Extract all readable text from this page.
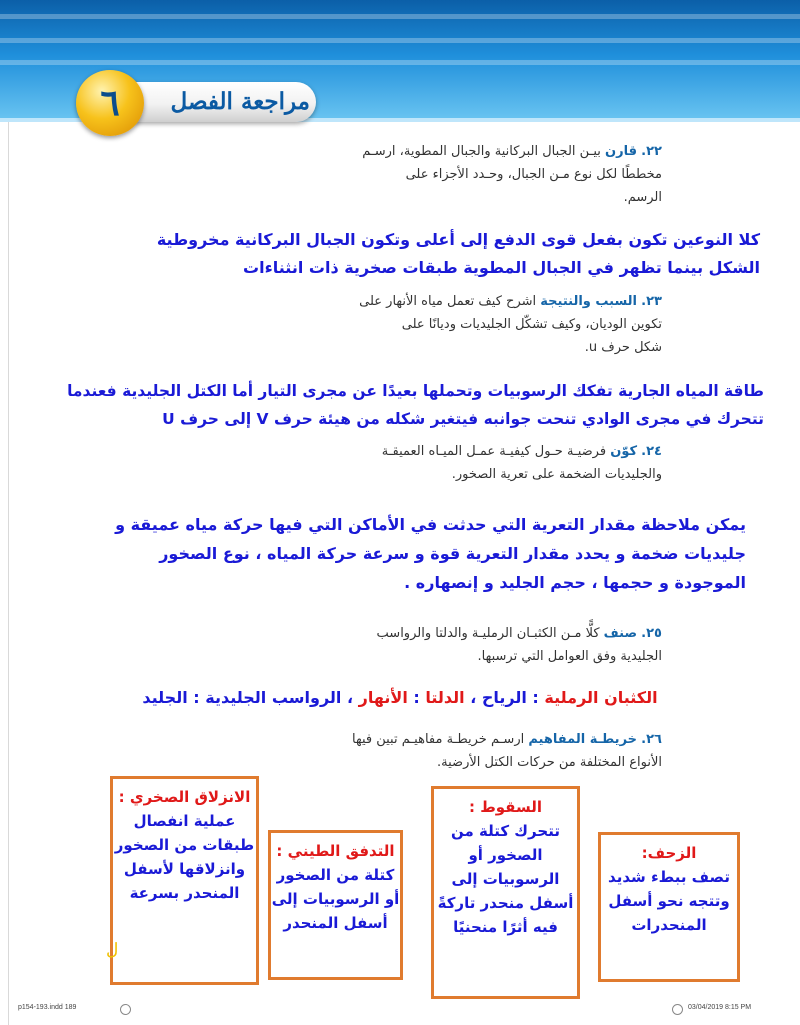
مراجعة الفصل
٦
٢٢. قارن بيـن الجبال البركانية والجبال المطوية، ارسـم
مخططًا لكل نوع مـن الجبال، وحـدد الأجزاء على
الرسم.
كلا النوعين تكون بفعل قوى الدفع إلى أعلى وتكون الجبال البركانية مخروطية
الشكل بينما تظهر في الجبال المطوية طبقات صخرية ذات انثناءات
٢٣. السبب والنتيجة اشرح كيف تعمل مياه الأنهار على
تكوين الوديان، وكيف تشكّل الجليديات وديانًا على
شكل حرف u.
طاقة المياه الجارية تفكك الرسوبيات وتحملها بعيدًا عن مجرى التيار أما الكتل الجليدية فعندما
تتحرك في مجرى الوادي تنحت جوانبه فيتغير شكله من هيئة حرف V إلى حرف U
٢٤. كوّن فرضيـة حـول كيفيـة عمـل الميـاه العميقـة
والجليديات الضخمة على تعرية الصخور.
يمكن ملاحظة مقدار التعرية التي حدثت في الأماكن التي فيها حركة مياه عميقة و
جليديات ضخمة و يحدد مقدار التعرية قوة و سرعة حركة المياه ، نوع الصخور
الموجودة و حجمها ، حجم الجليد و إنصهاره .
٢٥. صنف كلًّا مـن الكثبـان الرمليـة والدلتا والرواسب
الجليدية وفق العوامل التي ترسبها.
الكثبان الرملية : الرياح ، الدلتا : الأنهار ، الرواسب الجليدية : الجليد
٢٦. خريطـة المفاهيم ارسـم خريطـة مفاهيـم تبين فيها
الأنواع المختلفة من حركات الكتل الأرضية.
الانزلاق الصخري :
عملية انفصال طبقات من الصخور وانزلاقها لأسفل المنحدر بسرعة
التدفق الطيني :
كتلة من الصخور أو الرسوبيات إلى أسفل المنحدر
السقوط :
تتحرك كتلة من الصخور أو الرسوبيات إلى أسفل منحدر تاركةً فيه أثرًا منحنيًا
الزحف:
تصف ببطء شديد وتتجه نحو أسفل المنحدرات
ل
p154-193.indd 189	03/04/2019 8:15 PM
